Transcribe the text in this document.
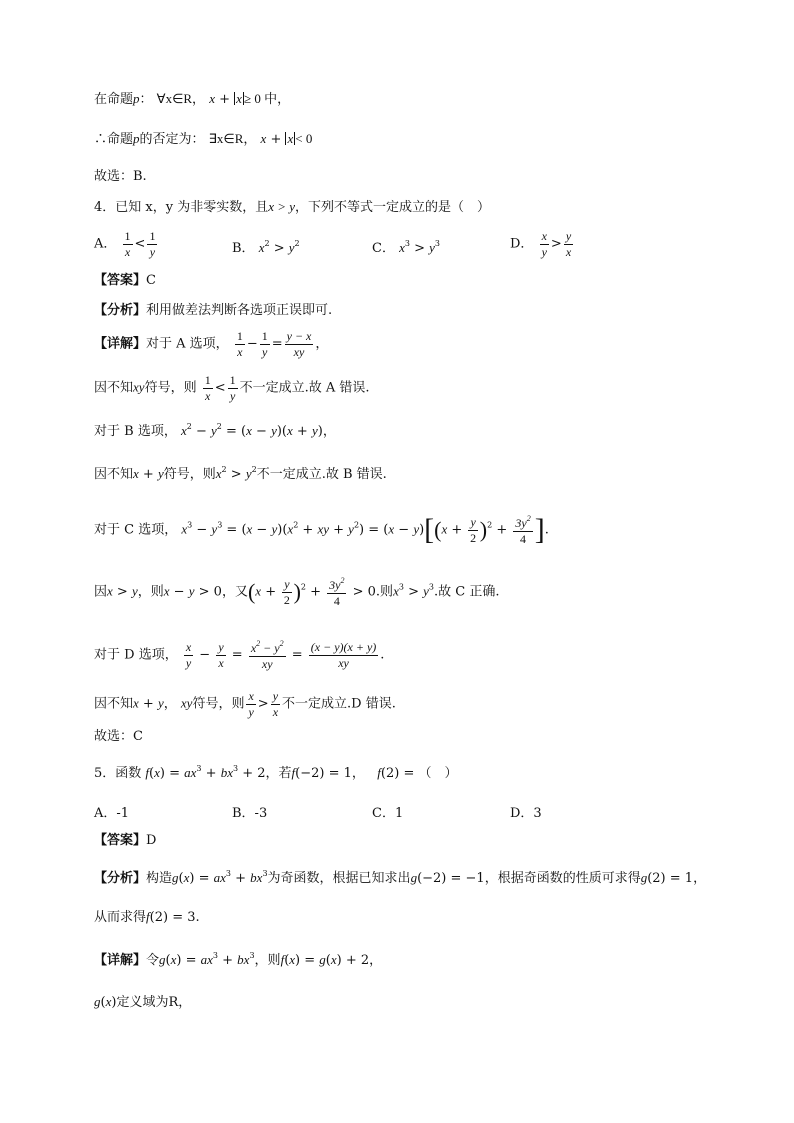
在命题p： ∀x∈R， x + x ≥ 0 中，
∴命题p的否定为： ∃x∈R， x + x < 0
故选：B.
4．已知 x，y 为非零实数，且x > y，下列不等式一定成立的是（　）
A． $\frac{1}{x} < \frac{1}{y}$	B． $x^2 > y^2$	C． $x^3 > y^3$	D． $\frac{x}{y} > \frac{y}{x}$
【答案】C
【分析】利用做差法判断各选项正误即可.
【详解】对于 A 选项， $\frac{1}{x} - \frac{1}{y} = \frac{y - x}{xy}$ ，
因不知xy符号，则 $\frac{1}{x} < \frac{1}{y}$ 不一定成立.故 A 错误.
对于 B 选项， $x^2 - y^2 = (x - y)(x + y)$，
因不知x + y符号，则$x^2 > y^2$不一定成立.故 B 错误.
对于 C 选项， $x^3 - y^3 = (x - y)(x^2$ + xy + $y^2) = (x - y)[(x + \frac{y}{2} )^2 + \frac{3y^2}{4}$ ].
因x > y，则x − y > 0，又$(x + \frac{y}{2} )^2 + \frac{3y^2}{4} > 0$.则$x^3 > y^3$.故 C 正确.
对于 D 选项， $\frac{x}{y} - \frac{y}{x} = \frac{x^2 - y^2}{xy} = \frac{(x - y)(x + y)}{xy}$ .
因不知x + y， xy符号，则 $\frac{x}{y} > \frac{y}{x}$ 不一定成立.D 错误.
故选：C
5．函数 $f(x) = ax^3 + bx^3 + 2$，若f(−2) = 1，   f(2) = （　）
A．-1	B．-3	C．1	D．3
【答案】D
【分析】构造$g(x) = ax^3 + bx^3$为奇函数，根据已知求出g(−2) = −1，根据奇函数的性质可求得g(2) = 1，
从而求得f(2) = 3.
【详解】令$g(x) = ax^3 + bx^3$，则f(x) = g(x) + 2，
g(x)定义域为R，
